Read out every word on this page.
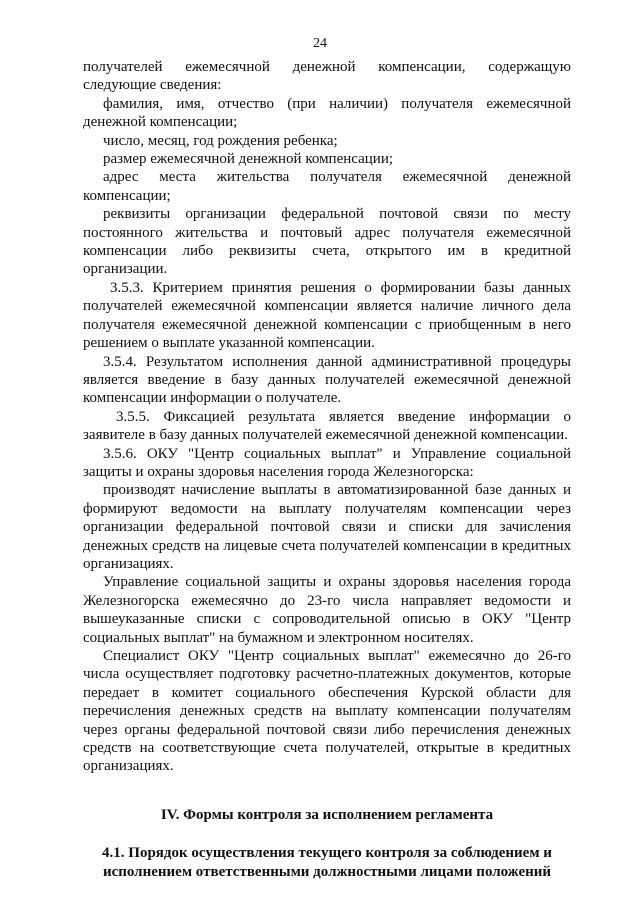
24

получателей ежемесячной денежной компенсации, содержащую следующие сведения:

фамилия, имя, отчество (при наличии) получателя ежемесячной денежной компенсации;

число, месяц, год рождения ребенка;

размер ежемесячной денежной компенсации;

адрес места жительства получателя ежемесячной денежной компенсации;

реквизиты организации федеральной почтовой связи по месту постоянного жительства и почтовый адрес получателя ежемесячной компенсации либо реквизиты счета, открытого им в кредитной организации.

3.5.3. Критерием принятия решения о формировании базы данных получателей ежемесячной компенсации является наличие личного дела получателя ежемесячной денежной компенсации с приобщенным в него решением о выплате указанной компенсации.

3.5.4. Результатом исполнения данной административной процедуры является введение в базу данных получателей ежемесячной денежной компенсации информации о получателе.

3.5.5. Фиксацией результата является введение информации о заявителе в базу данных получателей ежемесячной денежной компенсации.

3.5.6. ОКУ "Центр социальных выплат" и Управление социальной защиты и охраны здоровья населения города Железногорска:

производят начисление выплаты в автоматизированной базе данных и формируют ведомости на выплату получателям компенсации через организации федеральной почтовой связи и списки для зачисления денежных средств на лицевые счета получателей компенсации в кредитных организациях.

Управление социальной защиты и охраны здоровья населения города Железногорска ежемесячно до 23-го числа направляет ведомости и вышеуказанные списки с сопроводительной описью в ОКУ "Центр социальных выплат" на бумажном и электронном носителях.

Специалист ОКУ "Центр социальных выплат" ежемесячно до 26-го числа осуществляет подготовку расчетно-платежных документов, которые передает в комитет социального обеспечения Курской области для перечисления денежных средств на выплату компенсации получателям через органы федеральной почтовой связи либо перечисления денежных средств на соответствующие счета получателей, открытые в кредитных организациях.

IV. Формы контроля за исполнением регламента

4.1. Порядок осуществления текущего контроля за соблюдением и исполнением ответственными должностными лицами положений
